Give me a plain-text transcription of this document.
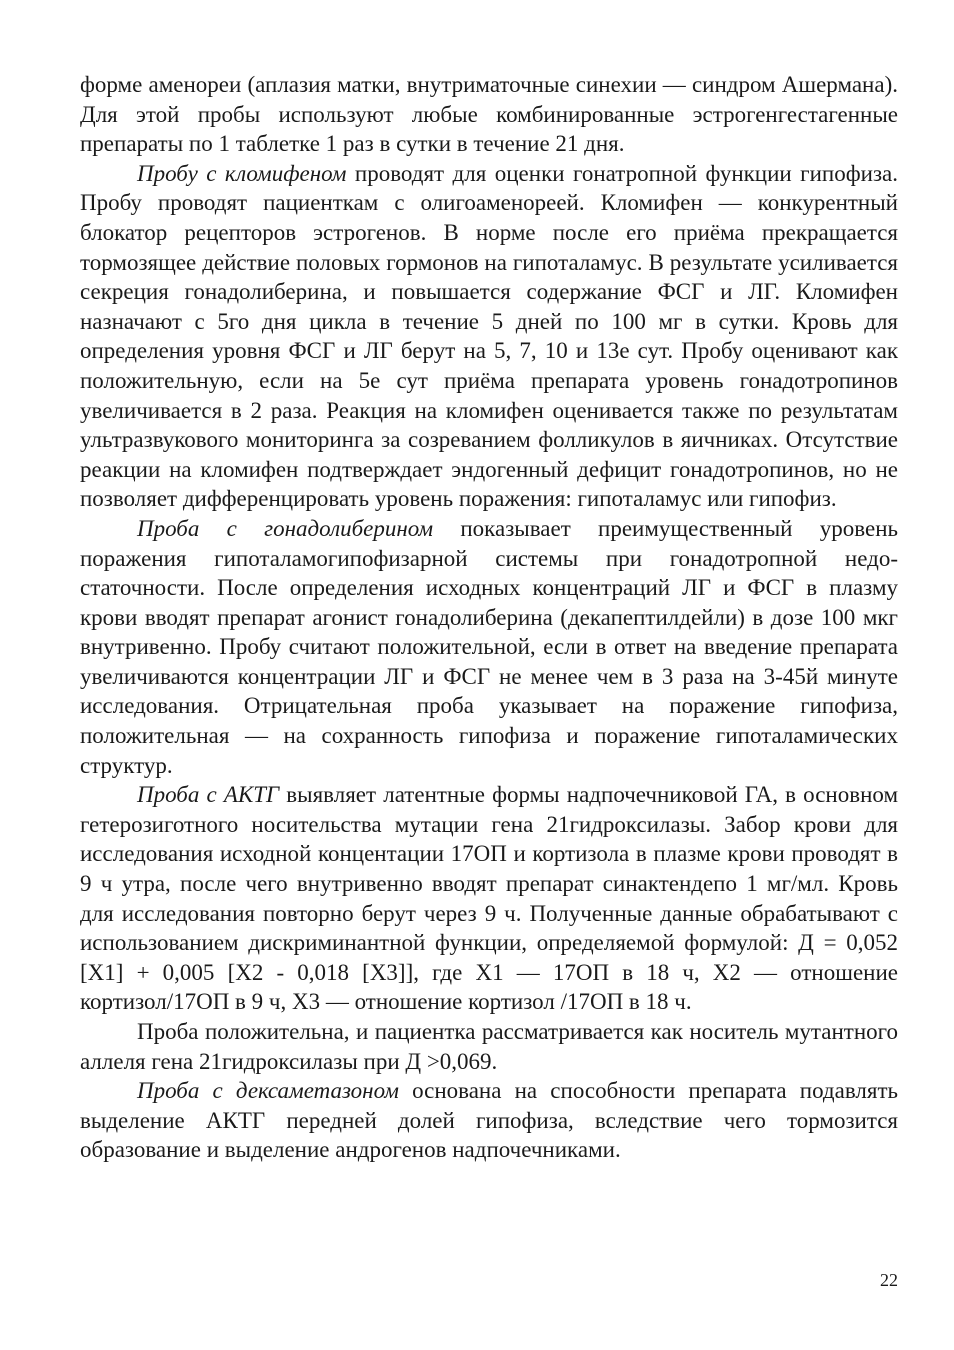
форме аменореи (аплазия матки, внутриматочные синехии — синдром Ашермана). Для этой пробы используют любые комбинированные эстрогенгестагенные препараты по 1 таблетке 1 раз в сутки в течение 21 дня.

Пробу с кломифеном проводят для оценки гонатропной функции гипофиза. Пробу проводят пациенткам с олигоаменореей. Кломифен — конкурентный блокатор рецепторов эстрогенов. В норме после его приёма прекращается тормозящее действие половых гормонов на гипоталамус. В результате усиливается секреция гонадолиберина, и повышается содержание ФСГ и ЛГ. Кломифен назначают с 5го дня цикла в течение 5 дней по 100 мг в сутки. Кровь для определения уровня ФСГ и ЛГ берут на 5, 7, 10 и 13е сут. Пробу оценивают как положительную, если на 5е сут приёма препарата уровень гонадотропинов увеличивается в 2 раза. Реакция на кломифен оценивается также по результатам ультразвукового мониторинга за созреванием фолликулов в яичниках. Отсутствие реакции на кломифен подтверждает эндогенный дефицит гонадотропинов, но не позволяет дифференцировать уровень поражения: гипоталамус или гипофиз.

Проба с гонадолиберином показывает преимущественный уровень поражения гипоталамогипофизарной системы при гонадотропной недостаточности. После определения исходных концентраций ЛГ и ФСГ в плазму крови вводят препарат агонист гонадолиберина (декапептилдейли) в дозе 100 мкг внутривенно. Пробу считают положительной, если в ответ на введение препарата увеличиваются концентрации ЛГ и ФСГ не менее чем в 3 раза на 3-45й минуте исследования. Отрицательная проба указывает на поражение гипофиза, положительная — на сохранность гипофиза и поражение гипоталамических структур.

Проба с АКТГ выявляет латентные формы надпочечниковой ГА, в основном гетерозиготного носительства мутации гена 21гидроксилазы. Забор крови для исследования исходной концентации 17ОП и кортизола в плазме крови проводят в 9 ч утра, после чего внутривенно вводят препарат синактендепо 1 мг/мл. Кровь для исследования повторно берут через 9 ч. Полученные данные обрабатывают с использованием дискриминантной функции, определяемой формулой: Д = 0,052 [Х1] + 0,005 [Х2 - 0,018 [Х3]], где Х1 — 17ОП в 18 ч, Х2 — отношение кортизол/17ОП в 9 ч, Х3 — отношение кортизол /17ОП в 18 ч.

Проба положительна, и пациентка рассматривается как носитель мутантного аллеля гена 21гидроксилазы при Д >0,069.

Проба с дексаметазоном основана на способности препарата подавлять выделение АКТГ передней долей гипофиза, вследствие чего тормозится образование и выделение андрогенов надпочечниками.

22
